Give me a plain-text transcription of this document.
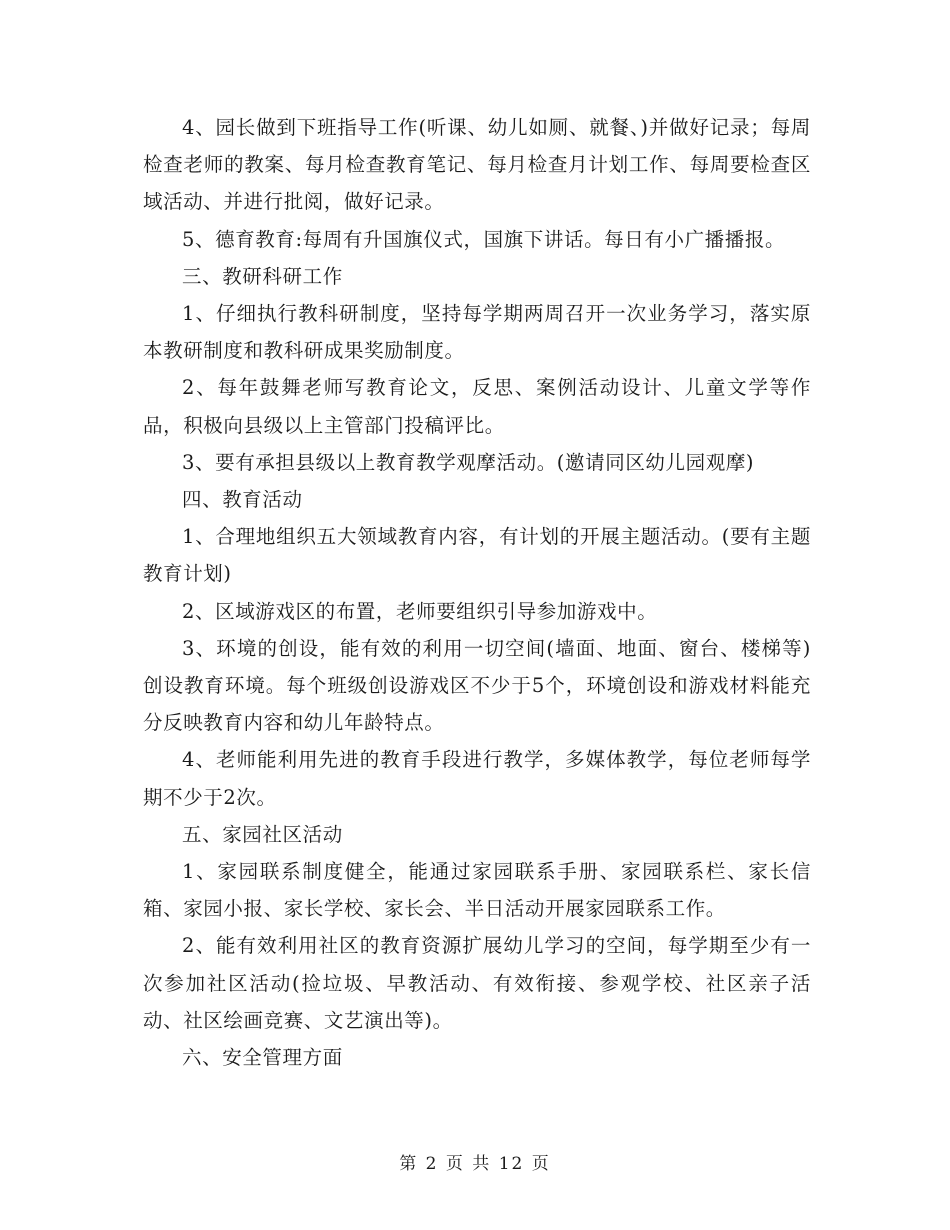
4、园长做到下班指导工作(听课、幼儿如厕、就餐、)并做好记录；每周检查老师的教案、每月检查教育笔记、每月检查月计划工作、每周要检查区域活动、并进行批阅，做好记录。

5、德育教育:每周有升国旗仪式，国旗下讲话。每日有小广播播报。

三、教研科研工作

1、仔细执行教科研制度，坚持每学期两周召开一次业务学习，落实原本教研制度和教科研成果奖励制度。

2、每年鼓舞老师写教育论文，反思、案例活动设计、儿童文学等作品，积极向县级以上主管部门投稿评比。

3、要有承担县级以上教育教学观摩活动。(邀请同区幼儿园观摩)

四、教育活动

1、合理地组织五大领域教育内容，有计划的开展主题活动。(要有主题教育计划)

2、区域游戏区的布置，老师要组织引导参加游戏中。

3、环境的创设，能有效的利用一切空间(墙面、地面、窗台、楼梯等)创设教育环境。每个班级创设游戏区不少于5个，环境创设和游戏材料能充分反映教育内容和幼儿年龄特点。

4、老师能利用先进的教育手段进行教学，多媒体教学，每位老师每学期不少于2次。

五、家园社区活动

1、家园联系制度健全，能通过家园联系手册、家园联系栏、家长信箱、家园小报、家长学校、家长会、半日活动开展家园联系工作。

2、能有效利用社区的教育资源扩展幼儿学习的空间，每学期至少有一次参加社区活动(捡垃圾、早教活动、有效衔接、参观学校、社区亲子活动、社区绘画竞赛、文艺演出等)。

六、安全管理方面

第 2 页 共 12 页
